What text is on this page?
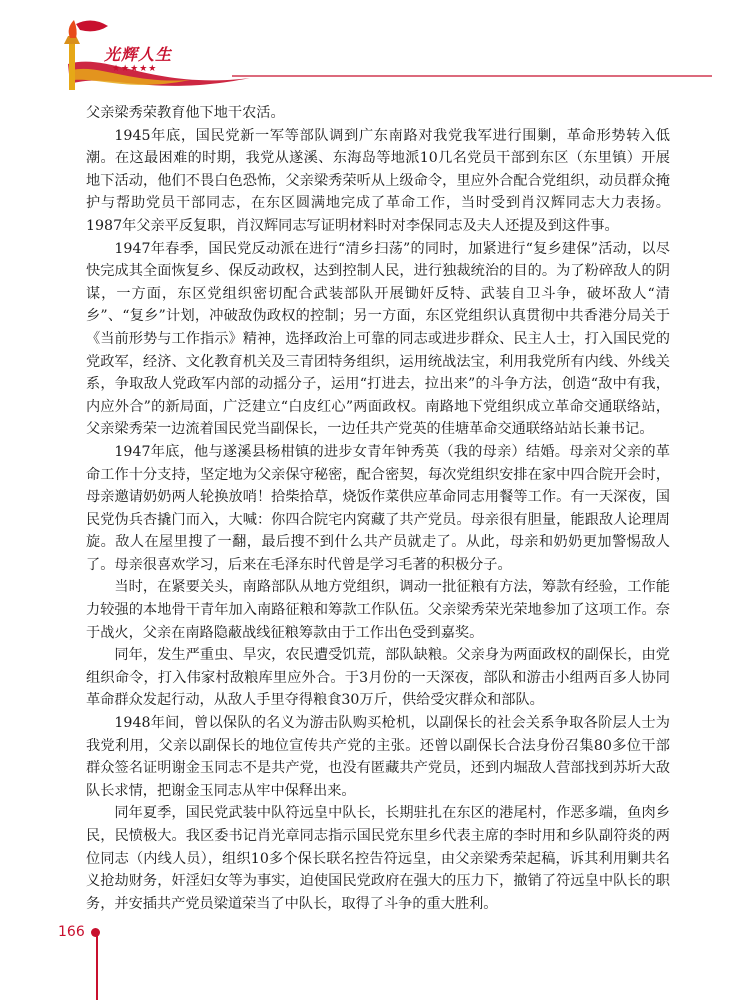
光辉人生
★★★★★

父亲梁秀荣教育他下地干农活。

1945年底，国民党新一军等部队调到广东南路对我党我军进行围剿，革命形势转入低潮。在这最困难的时期，我党从遂溪、东海岛等地派10几名党员干部到东区（东里镇）开展地下活动，他们不畏白色恐怖，父亲梁秀荣听从上级命令，里应外合配合党组织，动员群众掩护与帮助党员干部同志，在东区圆满地完成了革命工作，当时受到肖汉辉同志大力表扬。1987年父亲平反复职，肖汉辉同志写证明材料时对李保同志及夫人还提及到这件事。

1947年春季，国民党反动派在进行“清乡扫荡”的同时，加紧进行“复乡建保”活动，以尽快完成其全面恢复乡、保反动政权，达到控制人民，进行独裁统治的目的。为了粉碎敌人的阴谋，一方面，东区党组织密切配合武装部队开展锄奸反特、武装自卫斗争，破坏敌人“清乡”、“复乡”计划，冲破敌伪政权的控制；另一方面，东区党组织认真贯彻中共香港分局关于《当前形势与工作指示》精神，选择政治上可靠的同志或进步群众、民主人士，打入国民党的党政军，经济、文化教育机关及三青团特务组织，运用统战法宝，利用我党所有内线、外线关系，争取敌人党政军内部的动摇分子，运用“打进去，拉出来”的斗争方法，创造“敌中有我，内应外合”的新局面，广泛建立“白皮红心”两面政权。南路地下党组织成立革命交通联络站，父亲梁秀荣一边流着国民党当副保长，一边任共产党英的佳塘革命交通联络站站长兼书记。

1947年底，他与遂溪县杨柑镇的进步女青年钟秀英（我的母亲）结婚。母亲对父亲的革命工作十分支持，坚定地为父亲保守秘密，配合密契，每次党组织安排在家中四合院开会时，母亲邀请奶奶两人轮换放哨！拾柴拾草，烧饭作菜供应革命同志用餐等工作。有一天深夜，国民党伪兵杏撬门而入，大喊：你四合院宅内窝藏了共产党员。母亲很有胆量，能跟敌人论理周旋。敌人在屋里搜了一翻，最后搜不到什么共产员就走了。从此，母亲和奶奶更加警惕敌人了。母亲很喜欢学习，后来在毛泽东时代曾是学习毛著的积极分子。

当时，在紧要关头，南路部队从地方党组织，调动一批征粮有方法，筹款有经验，工作能力较强的本地骨干青年加入南路征粮和筹款工作队伍。父亲梁秀荣光荣地参加了这项工作。奈于战火，父亲在南路隐蔽战线征粮筹款由于工作出色受到嘉奖。

同年，发生严重虫、旱灾，农民遭受饥荒，部队缺粮。父亲身为两面政权的副保长，由党组织命令，打入伟家村敌粮库里应外合。于3月份的一天深夜，部队和游击小组两百多人协同革命群众发起行动，从敌人手里夺得粮食30万斤，供给受灾群众和部队。

1948年间，曾以保队的名义为游击队购买枪机，以副保长的社会关系争取各阶层人士为我党利用，父亲以副保长的地位宣传共产党的主张。还曾以副保长合法身份召集80多位干部群众签名证明谢金玉同志不是共产党，也没有匿藏共产党员，还到内堀敌人营部找到苏圻大敌队长求情，把谢金玉同志从牢中保释出来。

同年夏季，国民党武装中队符远皇中队长，长期驻扎在东区的港尾村，作恶多端，鱼肉乡民，民愤极大。我区委书记肖光章同志指示国民党东里乡代表主席的李时用和乡队副符炎的两位同志（内线人员），组织10多个保长联名控告符远皇，由父亲梁秀荣起稿，诉其利用剿共名义抢劫财务，奸淫妇女等为事实，迫使国民党政府在强大的压力下，撤销了符远皇中队长的职务，并安插共产党员梁道荣当了中队长，取得了斗争的重大胜利。

166
